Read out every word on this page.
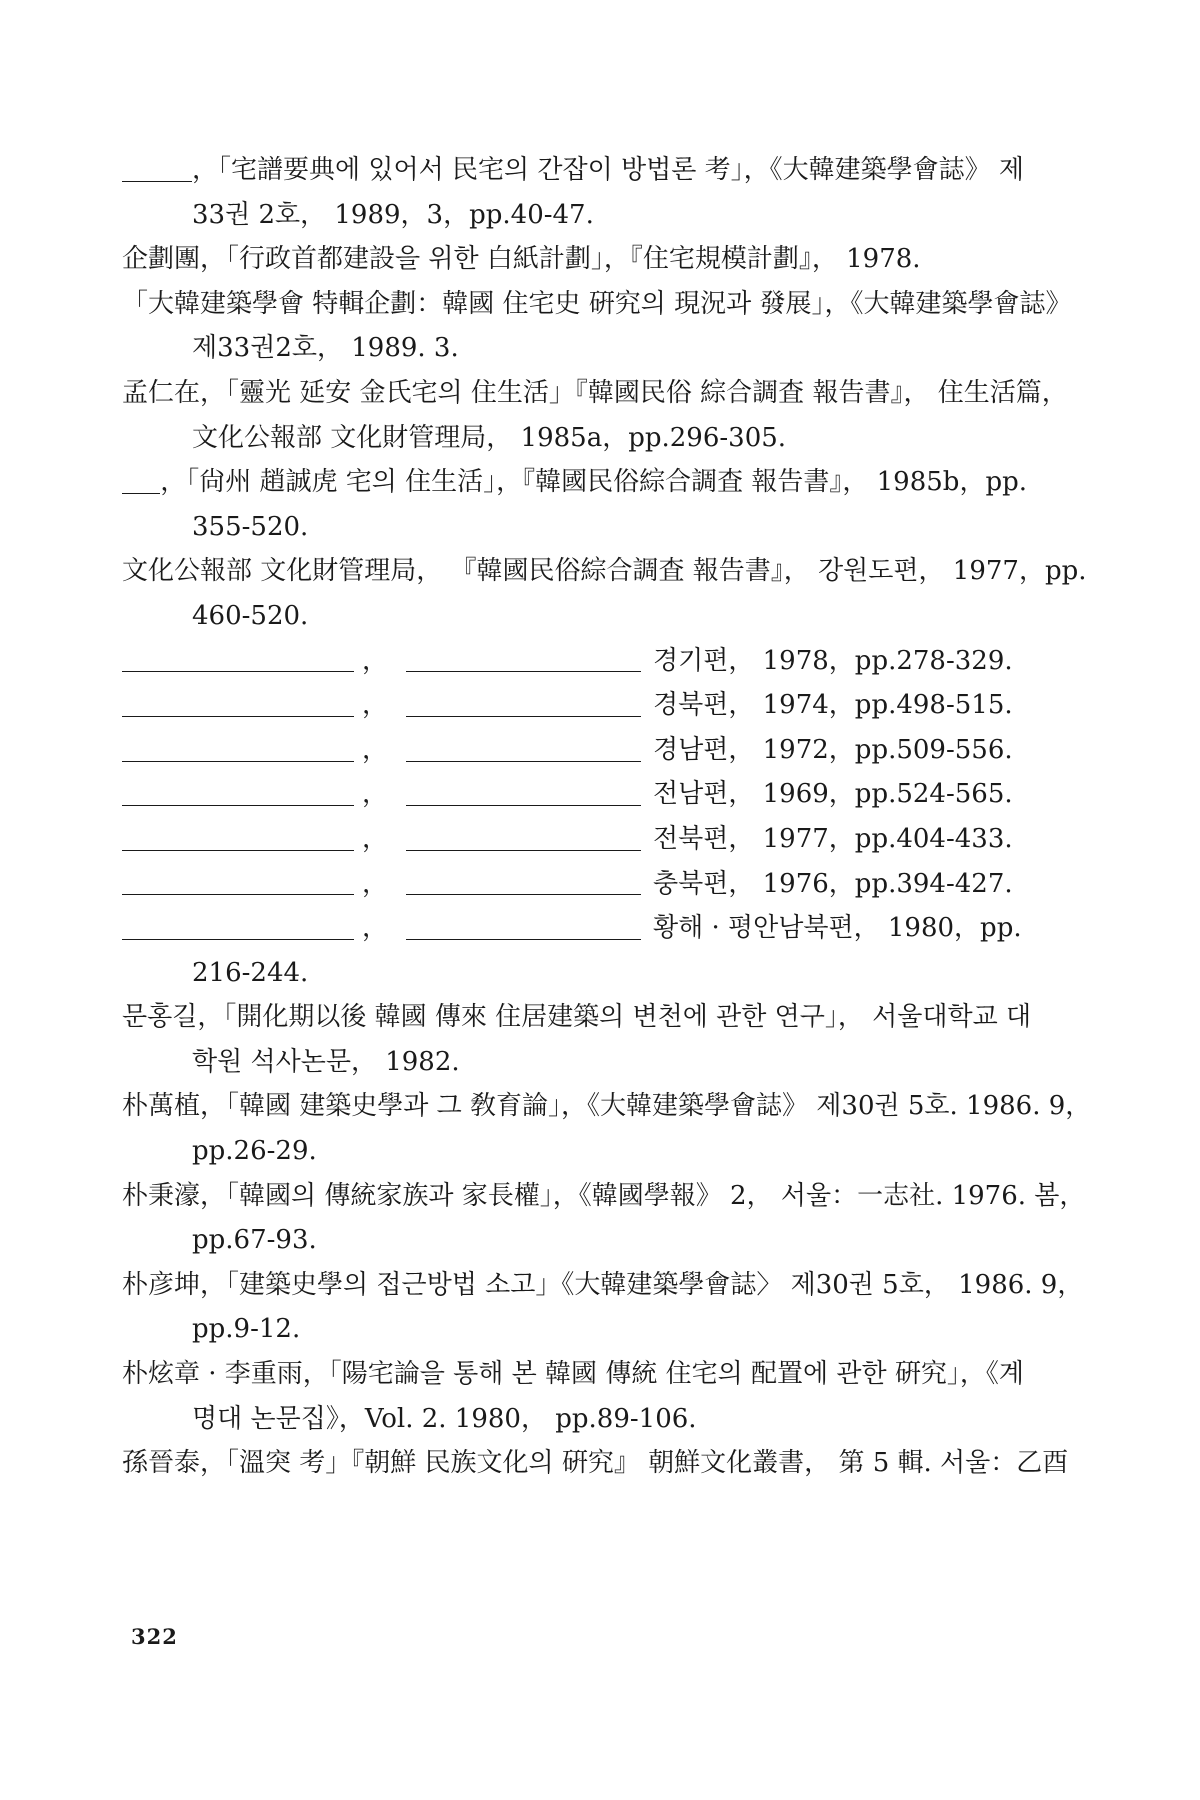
，「宅譜要典에 있어서 民宅의 간잡이 방법론 考」，《大韓建築學會誌》 제
33권 2호， 1989，3，pp.40-47.
企劃團，「行政首都建設을 위한 白紙計劃」，『住宅規模計劃』， 1978.
「大韓建築學會 特輯企劃：韓國 住宅史 硏究의 現況과 發展」，《大韓建築學會誌》
제33권2호， 1989. 3.
孟仁在，「靈光 延安 金氏宅의 住生活」『韓國民俗 綜合調査 報告書』， 住生活篇，
文化公報部 文化財管理局， 1985a，pp.296-305.
，「尙州 趙誠虎 宅의 住生活」，『韓國民俗綜合調査 報告書』， 1985b，pp.
355-520.
文化公報部 文化財管理局， 『韓國民俗綜合調査 報告書』， 강원도편， 1977，pp.
460-520.
，	경기편， 1978，pp.278-329.
，	경북편， 1974，pp.498-515.
，	경남편， 1972，pp.509-556.
，	전남편， 1969，pp.524-565.
，	전북편， 1977，pp.404-433.
，	충북편， 1976，pp.394-427.
，	황해 · 평안남북편， 1980，pp.
216-244.
문홍길，「開化期以後 韓國 傳來 住居建築의 변천에 관한 연구」， 서울대학교 대
학원 석사논문， 1982.
朴萬植，「韓國 建築史學과 그 敎育論」，《大韓建築學會誌》 제30권 5호. 1986. 9，
pp.26-29.
朴秉濠，「韓國의 傳統家族과 家長權」，《韓國學報》 2， 서울：一志社. 1976. 봄，
pp.67-93.
朴彦坤，「建築史學의 접근방법 소고」《大韓建築學會誌〉 제30권 5호， 1986. 9，
pp.9-12.
朴炫章 · 李重雨，「陽宅論을 통해 본 韓國 傳統 住宅의 配置에 관한 硏究」，《계
명대 논문집》，Vol. 2. 1980， pp.89-106.
孫晉泰，「溫突 考」『朝鮮 民族文化의 硏究』 朝鮮文化叢書， 第 5 輯. 서울：乙酉
322
